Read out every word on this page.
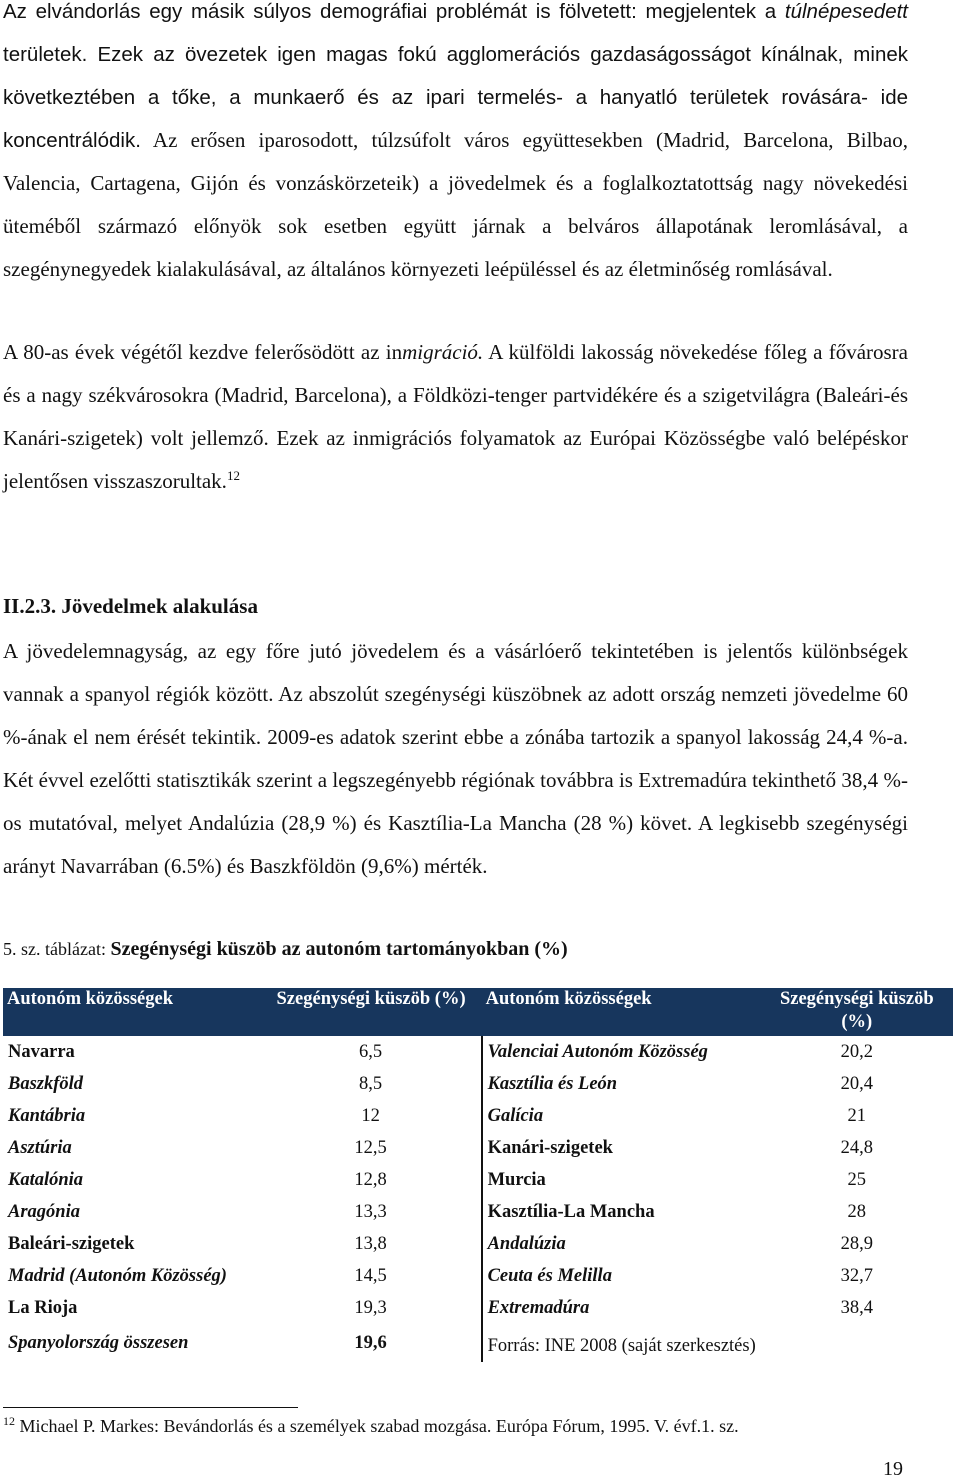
Az elvándorlás egy másik súlyos demográfiai problémát is fölvetett: megjelentek a túlnépesedett területek. Ezek az övezetek igen magas fokú agglomerációs gazdaságosságot kínálnak, minek következtében a tőke, a munkaerő és az ipari termelés- a hanyatló területek rovására- ide koncentrálódik. Az erősen iparosodott, túlzsúfolt város együttesekben (Madrid, Barcelona, Bilbao, Valencia, Cartagena, Gijón és vonzáskörzeteik) a jövedelmek és a foglalkoztatottság nagy növekedési üteméből származó előnyök sok esetben együtt járnak a belváros állapotának leromlásával, a szegénynegyedek kialakulásával, az általános környezeti leépüléssel és az életminőség romlásával.

A 80-as évek végétől kezdve felerősödött az inmigráció. A külföldi lakosság növekedése főleg a fővárosra és a nagy székvárosokra (Madrid, Barcelona), a Földközi-tenger partvidékére és a szigetvilágra (Baleári-és Kanári-szigetek) volt jellemző. Ezek az inmigrációs folyamatok az Európai Közösségbe való belépéskor jelentősen visszaszorultak.$^{12}$

II.2.3. Jövedelmek alakulása

A jövedelemnagyság, az egy főre jutó jövedelem és a vásárlóerő tekintetében is jelentős különbségek vannak a spanyol régiók között. Az abszolút szegénységi küszöbnek az adott ország nemzeti jövedelme 60 %-ának el nem érését tekintik. 2009-es adatok szerint ebbe a zónába tartozik a spanyol lakosság 24,4 %-a. Két évvel ezelőtti statisztikák szerint a legszegényebb régiónak továbbra is Extremadúra tekinthető 38,4 %-os mutatóval, melyet Andalúzia (28,9 %) és Kasztília-La Mancha (28 %) követ. A legkisebb szegénységi arányt Navarrában (6.5%) és Baszkföldön (9,6%) mérték.

5. sz. táblázat: Szegénységi küszöb az autonóm tartományokban (%)

Autonóm közösségek	Szegénységi küszöb (%)	Autonóm közösségek	Szegénységi küszöb (%)
Navarra	6,5	Valenciai Autonóm Közösség	20,2
Baszkföld	8,5	Kasztília és León	20,4
Kantábria	12	Galícia	21
Asztúria	12,5	Kanári-szigetek	24,8
Katalónia	12,8	Murcia	25
Aragónia	13,3	Kasztília-La Mancha	28
Baleári-szigetek	13,8	Andalúzia	28,9
Madrid (Autonóm Közösség)	14,5	Ceuta és Melilla	32,7
La Rioja	19,3	Extremadúra	38,4
Spanyolország összesen	19,6	Forrás: INE 2008 (saját szerkesztés)	

$^{12}$ Michael P. Markes: Bevándorlás és a személyek szabad mozgása. Európa Fórum, 1995. V. évf.1. sz.

19
